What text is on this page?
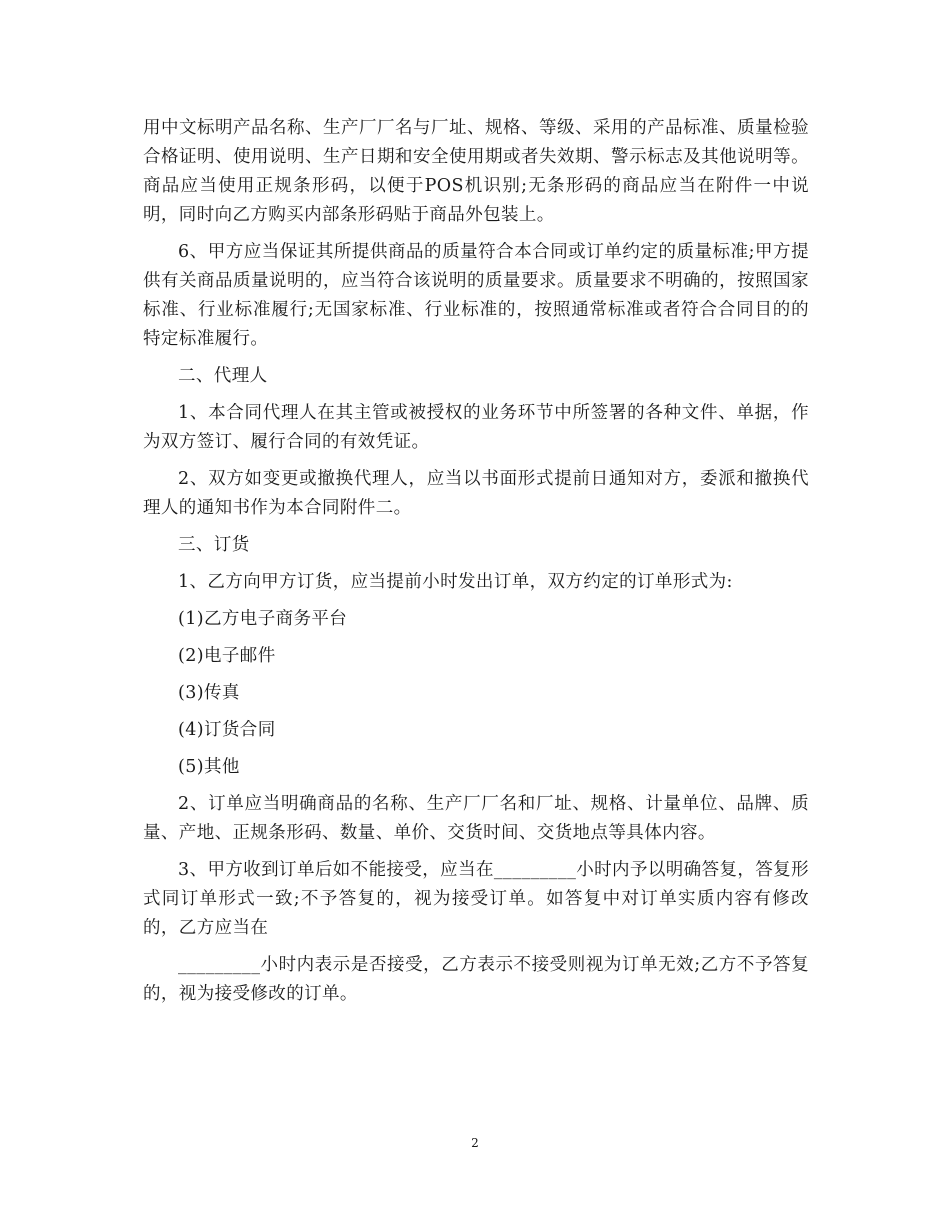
用中文标明产品名称、生产厂厂名与厂址、规格、等级、采用的产品标准、质量检验合格证明、使用说明、生产日期和安全使用期或者失效期、警示标志及其他说明等。商品应当使用正规条形码，以便于POS机识别;无条形码的商品应当在附件一中说明，同时向乙方购买内部条形码贴于商品外包装上。

6、甲方应当保证其所提供商品的质量符合本合同或订单约定的质量标准;甲方提供有关商品质量说明的，应当符合该说明的质量要求。质量要求不明确的，按照国家标准、行业标准履行;无国家标准、行业标准的，按照通常标准或者符合合同目的的特定标准履行。

二、代理人

1、本合同代理人在其主管或被授权的业务环节中所签署的各种文件、单据，作为双方签订、履行合同的有效凭证。

2、双方如变更或撤换代理人，应当以书面形式提前日通知对方，委派和撤换代理人的通知书作为本合同附件二。

三、订货

1、乙方向甲方订货，应当提前小时发出订单，双方约定的订单形式为:

(1)乙方电子商务平台

(2)电子邮件

(3)传真

(4)订货合同

(5)其他

2、订单应当明确商品的名称、生产厂厂名和厂址、规格、计量单位、品牌、质量、产地、正规条形码、数量、单价、交货时间、交货地点等具体内容。

3、甲方收到订单后如不能接受，应当在_________小时内予以明确答复，答复形式同订单形式一致;不予答复的，视为接受订单。如答复中对订单实质内容有修改的，乙方应当在

_________小时内表示是否接受，乙方表示不接受则视为订单无效;乙方不予答复的，视为接受修改的订单。

2
